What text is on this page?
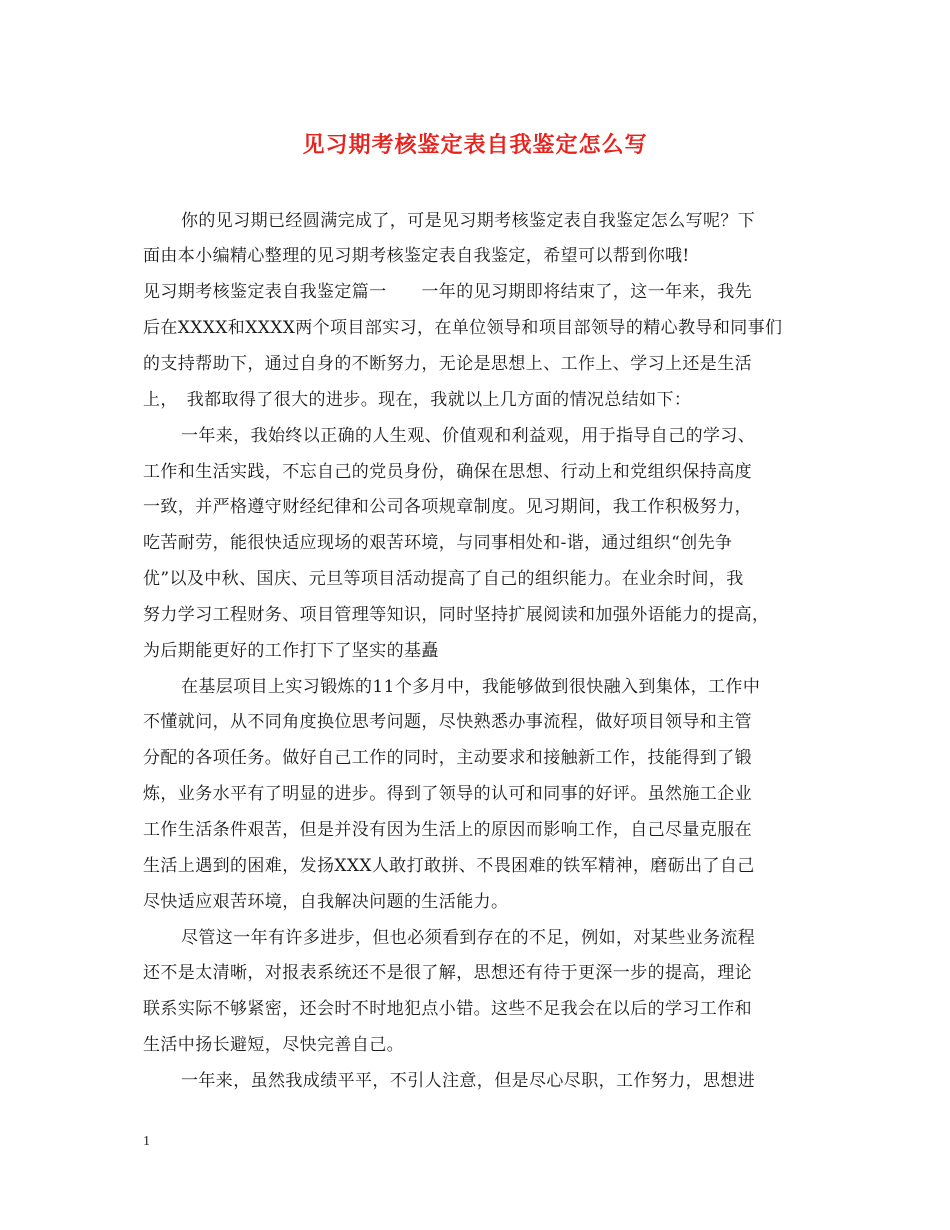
见习期考核鉴定表自我鉴定怎么写
你的见习期已经圆满完成了，可是见习期考核鉴定表自我鉴定怎么写呢？下
面由本小编精心整理的见习期考核鉴定表自我鉴定，希望可以帮到你哦!
见习期考核鉴定表自我鉴定篇一　　一年的见习期即将结束了，这一年来，我先
后在XXXX和XXXX两个项目部实习，在单位领导和项目部领导的精心教导和同事们
的支持帮助下，通过自身的不断努力，无论是思想上、工作上、学习上还是生活
上，　我都取得了很大的进步。现在，我就以上几方面的情况总结如下：
一年来，我始终以正确的人生观、价值观和利益观，用于指导自己的学习、
工作和生活实践，不忘自己的党员身份，确保在思想、行动上和党组织保持高度
一致，并严格遵守财经纪律和公司各项规章制度。见习期间，我工作积极努力，
吃苦耐劳，能很快适应现场的艰苦环境，与同事相处和-谐，通过组织“创先争
优”以及中秋、国庆、元旦等项目活动提高了自己的组织能力。在业余时间，我
努力学习工程财务、项目管理等知识，同时坚持扩展阅读和加强外语能力的提高，
为后期能更好的工作打下了坚实的基矗
在基层项目上实习锻炼的11个多月中，我能够做到很快融入到集体，工作中
不懂就问，从不同角度换位思考问题，尽快熟悉办事流程，做好项目领导和主管
分配的各项任务。做好自己工作的同时，主动要求和接触新工作，技能得到了锻
炼，业务水平有了明显的进步。得到了领导的认可和同事的好评。虽然施工企业
工作生活条件艰苦，但是并没有因为生活上的原因而影响工作，自己尽量克服在
生活上遇到的困难，发扬XXX人敢打敢拼、不畏困难的铁军精神，磨砺出了自己
尽快适应艰苦环境，自我解决问题的生活能力。
尽管这一年有许多进步，但也必须看到存在的不足，例如，对某些业务流程
还不是太清晰，对报表系统还不是很了解，思想还有待于更深一步的提高，理论
联系实际不够紧密，还会时不时地犯点小错。这些不足我会在以后的学习工作和
生活中扬长避短，尽快完善自己。
一年来，虽然我成绩平平，不引人注意，但是尽心尽职，工作努力，思想进
1
